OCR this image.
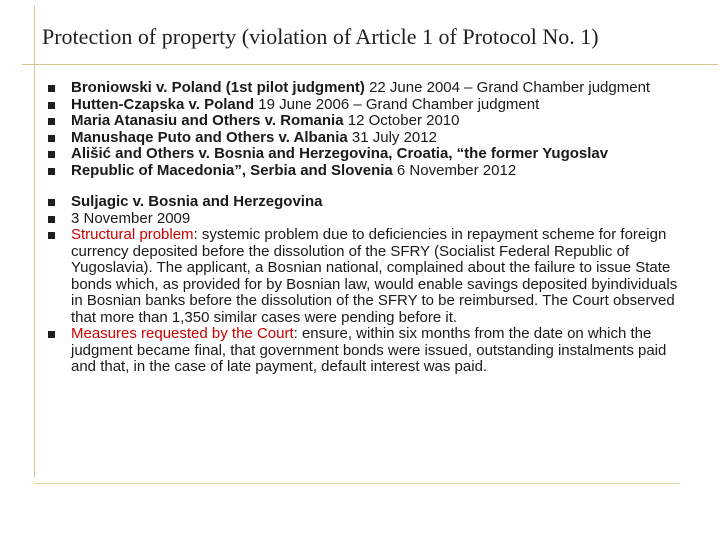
Protection of property (violation of Article 1 of Protocol No. 1)
Broniowski v. Poland (1st pilot judgment) 22 June 2004 – Grand Chamber judgment
Hutten-Czapska v. Poland 19 June 2006 – Grand Chamber judgment
Maria Atanasiu and Others v. Romania 12 October 2010
Manushaqe Puto and Others v. Albania 31 July 2012
Ališić and Others v. Bosnia and Herzegovina, Croatia, “the former Yugoslav
Republic of Macedonia”, Serbia and Slovenia 6 November 2012
Suljagic v. Bosnia and Herzegovina
3 November 2009
Structural problem: systemic problem due to deficiencies in repayment scheme for foreign currency deposited before the dissolution of the SFRY (Socialist Federal Republic of Yugoslavia). The applicant, a Bosnian national, complained about the failure to issue State bonds which, as provided for by Bosnian law, would enable savings deposited byindividuals in Bosnian banks before the dissolution of the SFRY to be reimbursed. The Court observed that more than 1,350 similar cases were pending before it.
Measures requested by the Court: ensure, within six months from the date on which the judgment became final, that government bonds were issued, outstanding instalments paid and that, in the case of late payment, default interest was paid.
